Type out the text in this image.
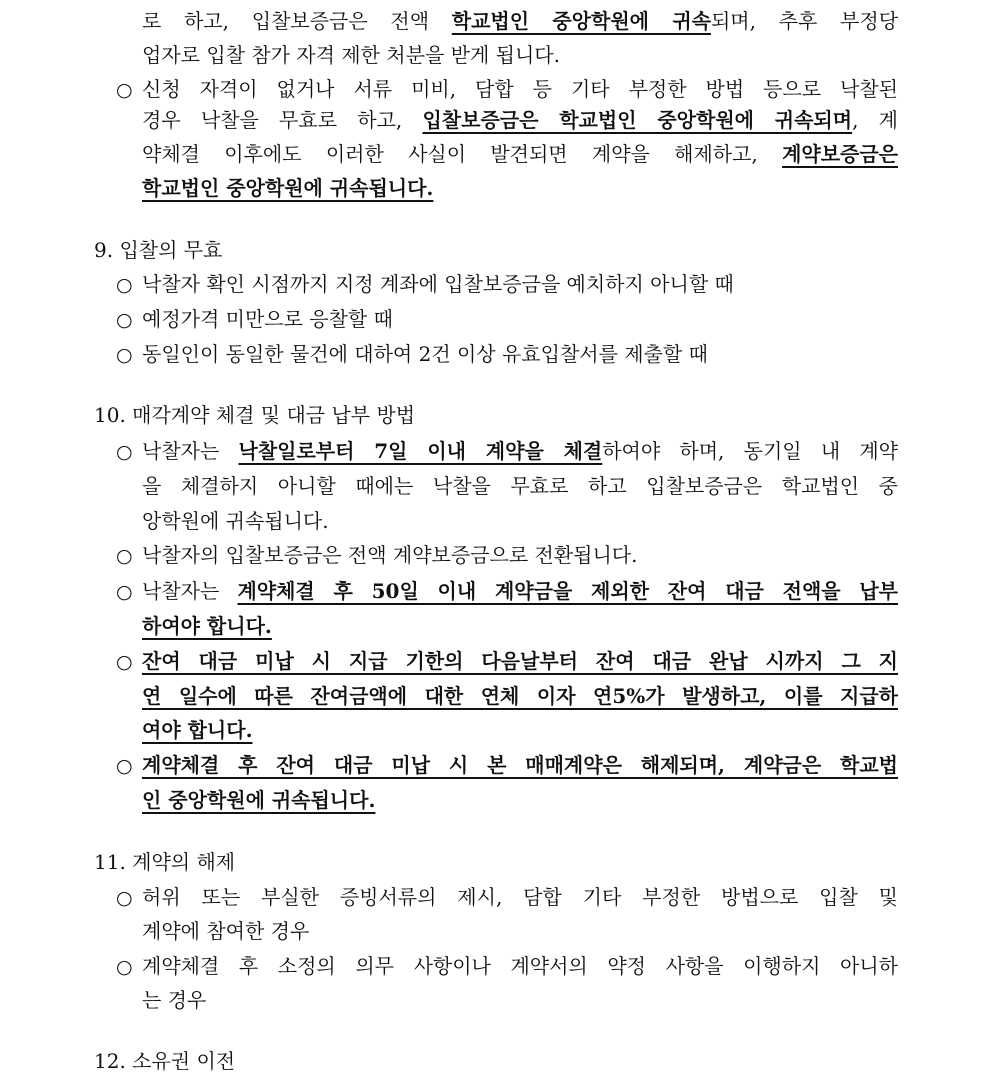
로 하고, 입찰보증금은 전액 학교법인 중앙학원에 귀속되며, 추후 부정당
업자로 입찰 참가 자격 제한 처분을 받게 됩니다.
○ 신청 자격이 없거나 서류 미비, 담합 등 기타 부정한 방법 등으로 낙찰된
경우 낙찰을 무효로 하고, 입찰보증금은 학교법인 중앙학원에 귀속되며, 계
약체결 이후에도 이러한 사실이 발견되면 계약을 해제하고, 계약보증금은
학교법인 중앙학원에 귀속됩니다.
9. 입찰의 무효
○ 낙찰자 확인 시점까지 지정 계좌에 입찰보증금을 예치하지 아니할 때
○ 예정가격 미만으로 응찰할 때
○ 동일인이 동일한 물건에 대하여 2건 이상 유효입찰서를 제출할 때
10. 매각계약 체결 및 대금 납부 방법
○ 낙찰자는 낙찰일로부터 7일 이내 계약을 체결하여야 하며, 동기일 내 계약
을 체결하지 아니할 때에는 낙찰을 무효로 하고 입찰보증금은 학교법인 중
앙학원에 귀속됩니다.
○ 낙찰자의 입찰보증금은 전액 계약보증금으로 전환됩니다.
○ 낙찰자는 계약체결 후 50일 이내 계약금을 제외한 잔여 대금 전액을 납부
하여야 합니다.
○ 잔여 대금 미납 시 지급 기한의 다음날부터 잔여 대금 완납 시까지 그 지
연 일수에 따른 잔여금액에 대한 연체 이자 연5%가 발생하고, 이를 지급하
여야 합니다.
○ 계약체결 후 잔여 대금 미납 시 본 매매계약은 해제되며, 계약금은 학교법
인 중앙학원에 귀속됩니다.
11. 계약의 해제
○ 허위 또는 부실한 증빙서류의 제시, 담합 기타 부정한 방법으로 입찰 및
계약에 참여한 경우
○ 계약체결 후 소정의 의무 사항이나 계약서의 약정 사항을 이행하지 아니하
는 경우
12. 소유권 이전
